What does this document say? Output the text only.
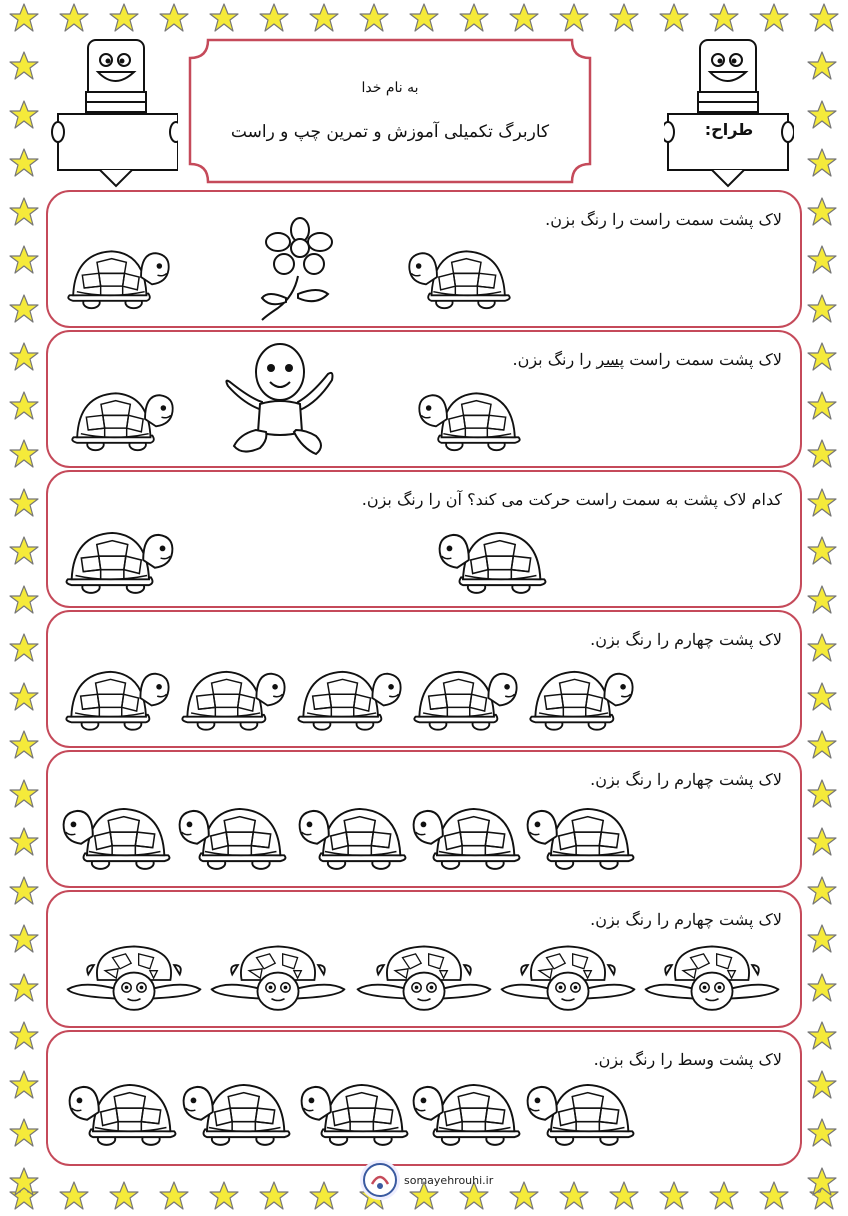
طراح:
به نام خدا
کاربرگ تکمیلی آموزش و تمرین چپ و راست
لاک پشت سمت راست را رنگ بزن.
لاک پشت سمت راست پسر را رنگ بزن.
کدام لاک پشت به سمت راست حرکت می کند؟ آن را رنگ بزن.
لاک پشت چهارم را رنگ بزن.
لاک پشت چهارم را رنگ بزن.
لاک پشت چهارم را رنگ بزن.
لاک پشت وسط را رنگ بزن.
somayehrouhi.ir
